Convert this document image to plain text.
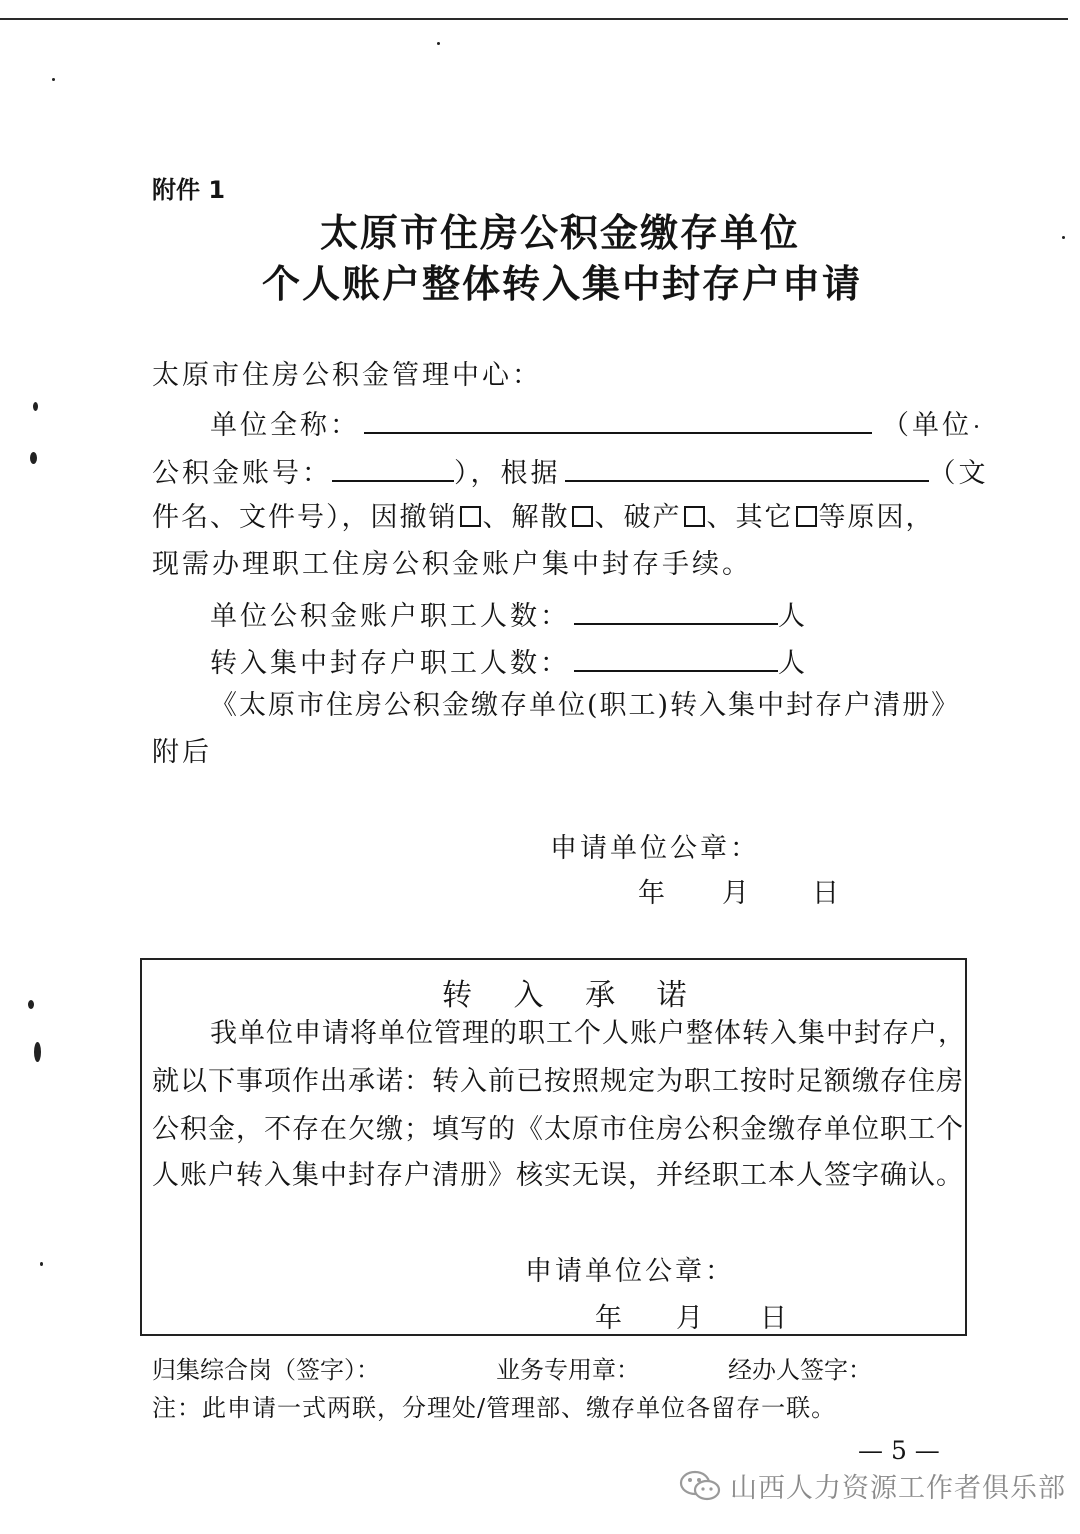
附件 1
太原市住房公积金缴存单位
个人账户整体转入集中封存户申请
太原市住房公积金管理中心：
单位全称：	（单位
公积金账号：	），根据	（文
件名、文件号），因撤销 、解散 、破产 、其它 等原因，
现需办理职工住房公积金账户集中封存手续。
单位公积金账户职工人数：	人
转入集中封存户职工人数：	人
《太原市住房公积金缴存单位(职工)转入集中封存户清册》
附后
申请单位公章：
年 月 日
转 入 承 诺
我单位申请将单位管理的职工个人账户整体转入集中封存户，
就以下事项作出承诺：转入前已按照规定为职工按时足额缴存住房
公积金，不存在欠缴；填写的《太原市住房公积金缴存单位职工个
人账户转入集中封存户清册》核实无误，并经职工本人签字确认。
申请单位公章：
年 月 日
归集综合岗（签字）：	业务专用章：	经办人签字：
注：此申请一式两联，分理处/管理部、缴存单位各留存一联。
— 5 —
山西人力资源工作者俱乐部
